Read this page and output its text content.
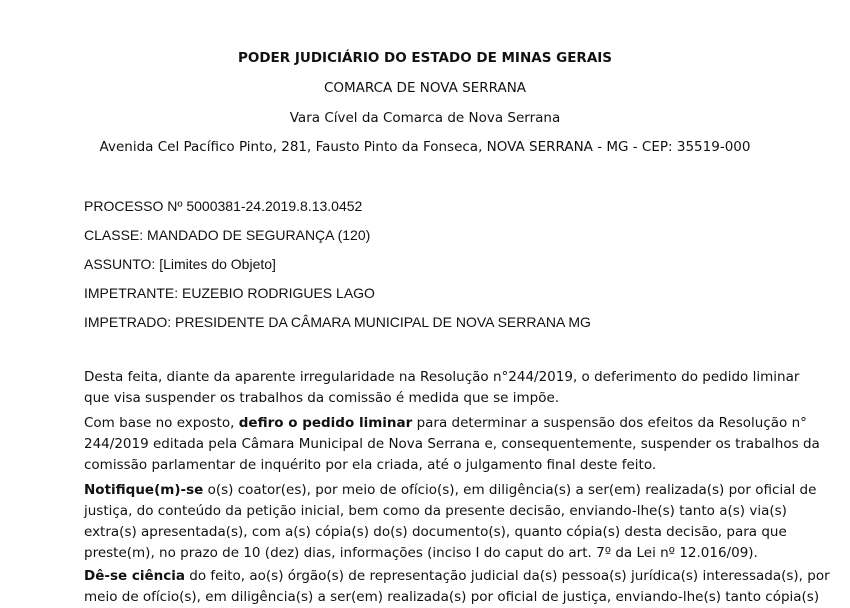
PODER JUDICIÁRIO DO ESTADO DE MINAS GERAIS
COMARCA DE NOVA SERRANA
Vara Cível da Comarca de Nova Serrana
Avenida Cel Pacífico Pinto, 281, Fausto Pinto da Fonseca, NOVA SERRANA - MG - CEP: 35519-000
PROCESSO Nº 5000381-24.2019.8.13.0452
CLASSE: MANDADO DE SEGURANÇA (120)
ASSUNTO: [Limites do Objeto]
IMPETRANTE: EUZEBIO RODRIGUES LAGO
IMPETRADO: PRESIDENTE DA CÂMARA MUNICIPAL DE NOVA SERRANA MG
Desta feita, diante da aparente irregularidade na Resolução n°244/2019, o deferimento do pedido liminar
que visa suspender os trabalhos da comissão é medida que se impõe.
Com base no exposto, defiro o pedido liminar para determinar a suspensão dos efeitos da Resolução n°
244/2019 editada pela Câmara Municipal de Nova Serrana e, consequentemente, suspender os trabalhos da
comissão parlamentar de inquérito por ela criada, até o julgamento final deste feito.
Notifique(m)-se o(s) coator(es), por meio de ofício(s), em diligência(s) a ser(em) realizada(s) por oficial de
justiça, do conteúdo da petição inicial, bem como da presente decisão, enviando-lhe(s) tanto a(s) via(s)
extra(s) apresentada(s), com a(s) cópia(s) do(s) documento(s), quanto cópia(s) desta decisão, para que
preste(m), no prazo de 10 (dez) dias, informações (inciso I do caput do art. 7º da Lei nº 12.016/09).
Dê-se ciência do feito, ao(s) órgão(s) de representação judicial da(s) pessoa(s) jurídica(s) interessada(s), por
meio de ofício(s), em diligência(s) a ser(em) realizada(s) por oficial de justiça, enviando-lhe(s) tanto cópia(s)
